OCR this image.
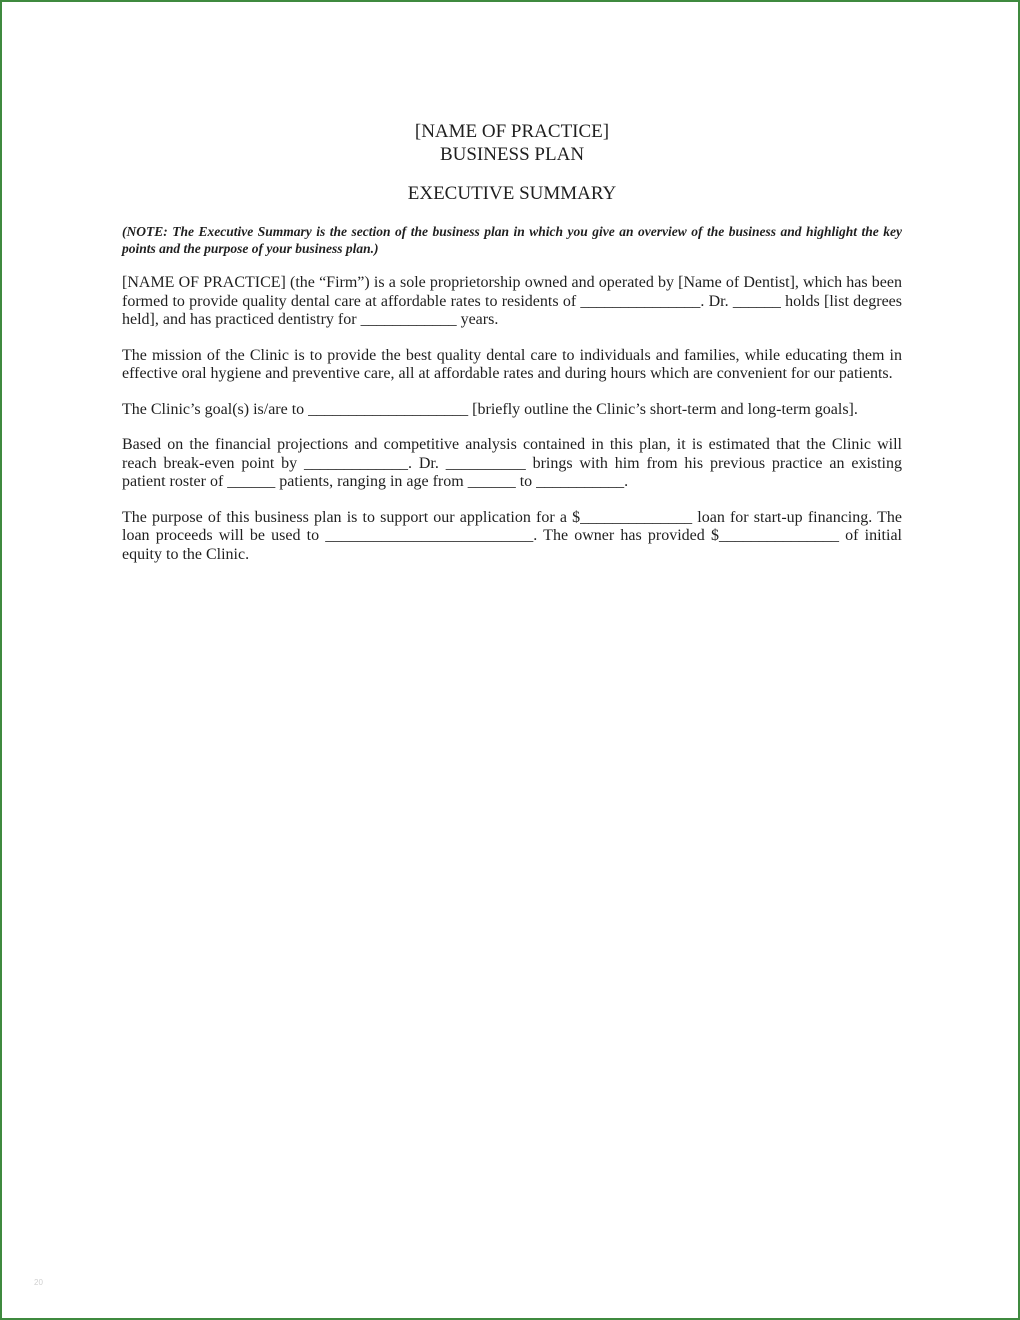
[NAME OF PRACTICE]
BUSINESS PLAN
EXECUTIVE SUMMARY

(NOTE: The Executive Summary is the section of the business plan in which you give an overview of the business and highlight the key points and the purpose of your business plan.)

[NAME OF PRACTICE] (the “Firm”) is a sole proprietorship owned and operated by [Name of Dentist], which has been formed to provide quality dental care at affordable rates to residents of _______________. Dr. ______ holds [list degrees held], and has practiced dentistry for ____________ years.

The mission of the Clinic is to provide the best quality dental care to individuals and families, while educating them in effective oral hygiene and preventive care, all at affordable rates and during hours which are convenient for our patients.

The Clinic’s goal(s) is/are to ____________________ [briefly outline the Clinic’s short-term and long-term goals].

Based on the financial projections and competitive analysis contained in this plan, it is estimated that the Clinic will reach break-even point by _____________. Dr. __________ brings with him from his previous practice an existing patient roster of ______ patients, ranging in age from ______ to ___________.

The purpose of this business plan is to support our application for a $______________ loan for start-up financing. The loan proceeds will be used to __________________________. The owner has provided $_______________ of initial equity to the Clinic.

20
